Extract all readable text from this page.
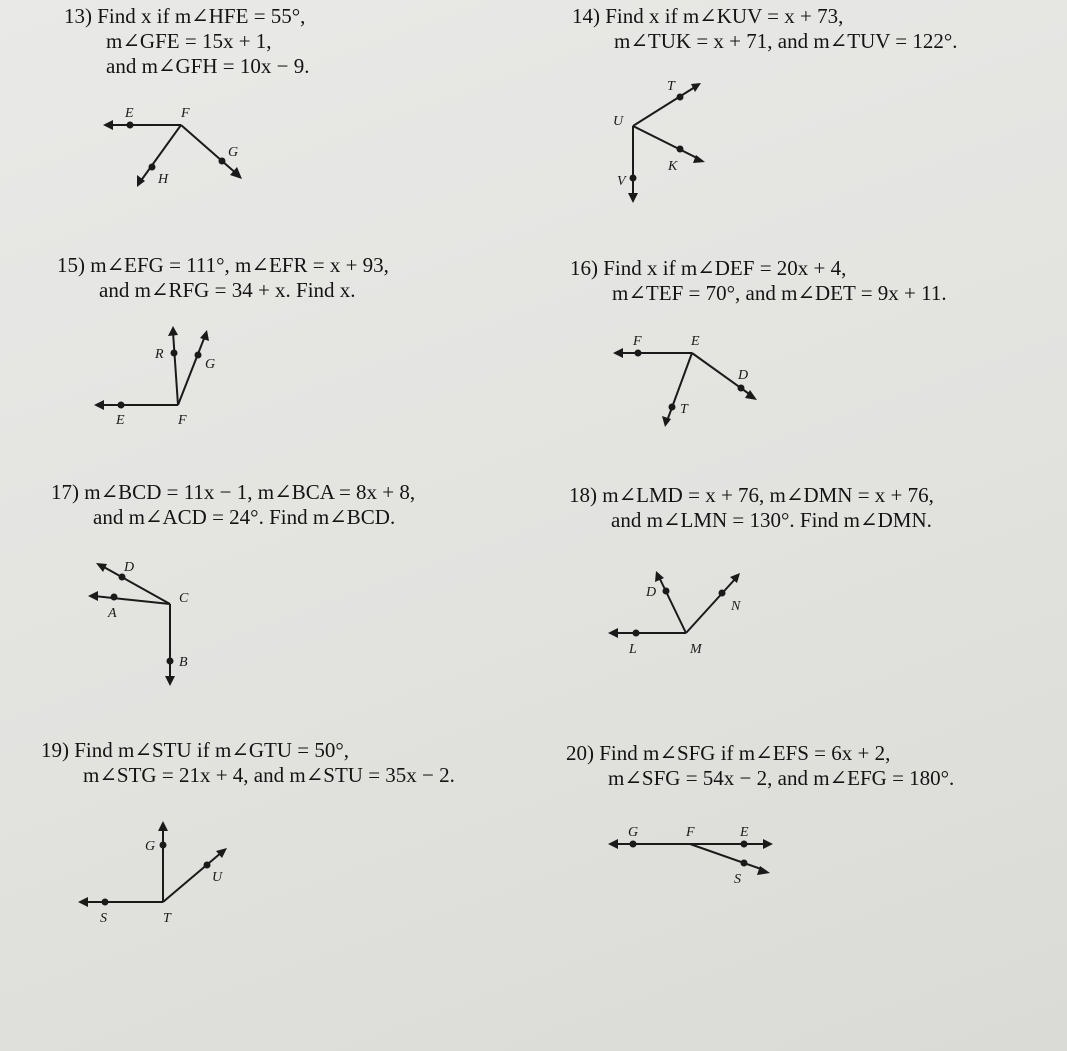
13) Find x if m∠HFE = 55°,
m∠GFE = 15x + 1,
and m∠GFH = 10x − 9.
E	F
G
H
14) Find x if m∠KUV = x + 73,
m∠TUK = x + 71, and m∠TUV = 122°.
T
U
K
V
15) m∠EFG = 111°, m∠EFR = x + 93,
and m∠RFG = 34 + x. Find x.
R
G
E	F
16) Find x if m∠DEF = 20x + 4,
m∠TEF = 70°, and m∠DET = 9x + 11.
F	E
D
T
17) m∠BCD = 11x − 1, m∠BCA = 8x + 8,
and m∠ACD = 24°. Find m∠BCD.
D
A
C
B
18) m∠LMD = x + 76, m∠DMN = x + 76,
and m∠LMN = 130°. Find m∠DMN.
D
N
L	M
19) Find m∠STU if m∠GTU = 50°,
m∠STG = 21x + 4, and m∠STU = 35x − 2.
G
U
S	T
20) Find m∠SFG if m∠EFS = 6x + 2,
m∠SFG = 54x − 2, and m∠EFG = 180°.
G	F	E
S
